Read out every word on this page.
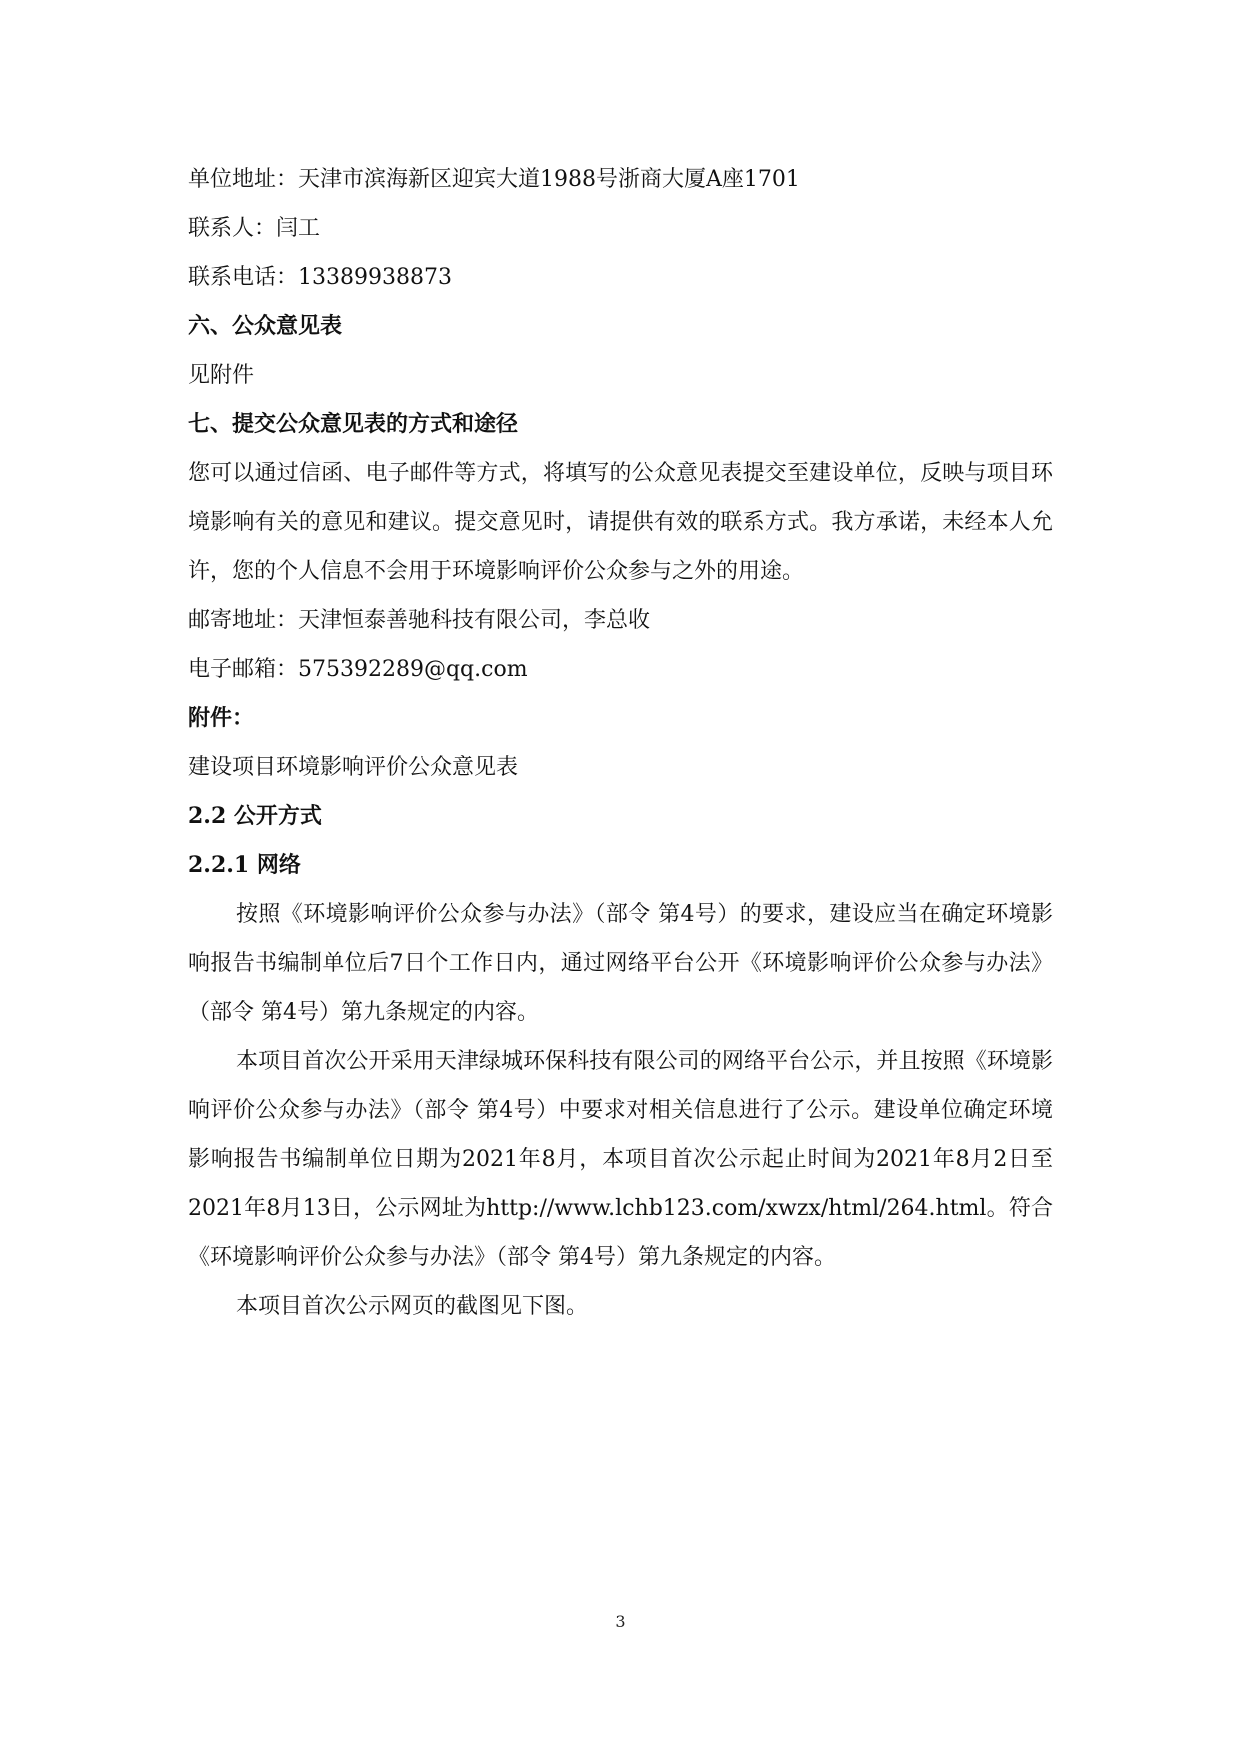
单位地址：天津市滨海新区迎宾大道1988号浙商大厦A座1701
联系人：闫工
联系电话：13389938873
六、公众意见表
见附件
七、提交公众意见表的方式和途径
您可以通过信函、电子邮件等方式，将填写的公众意见表提交至建设单位，反映与项目环境影响有关的意见和建议。提交意见时，请提供有效的联系方式。我方承诺，未经本人允许，您的个人信息不会用于环境影响评价公众参与之外的用途。
邮寄地址：天津恒泰善驰科技有限公司，李总收
电子邮箱：575392289@qq.com
附件：
建设项目环境影响评价公众意见表
2.2 公开方式
2.2.1 网络
按照《环境影响评价公众参与办法》（部令 第4号）的要求，建设应当在确定环境影响报告书编制单位后7日个工作日内，通过网络平台公开《环境影响评价公众参与办法》（部令 第4号）第九条规定的内容。
本项目首次公开采用天津绿城环保科技有限公司的网络平台公示，并且按照《环境影响评价公众参与办法》（部令 第4号）中要求对相关信息进行了公示。建设单位确定环境影响报告书编制单位日期为2021年8月，本项目首次公示起止时间为2021年8月2日至2021年8月13日，公示网址为http://www.lchb123.com/xwzx/html/264.html。符合《环境影响评价公众参与办法》（部令 第4号）第九条规定的内容。
本项目首次公示网页的截图见下图。
3
